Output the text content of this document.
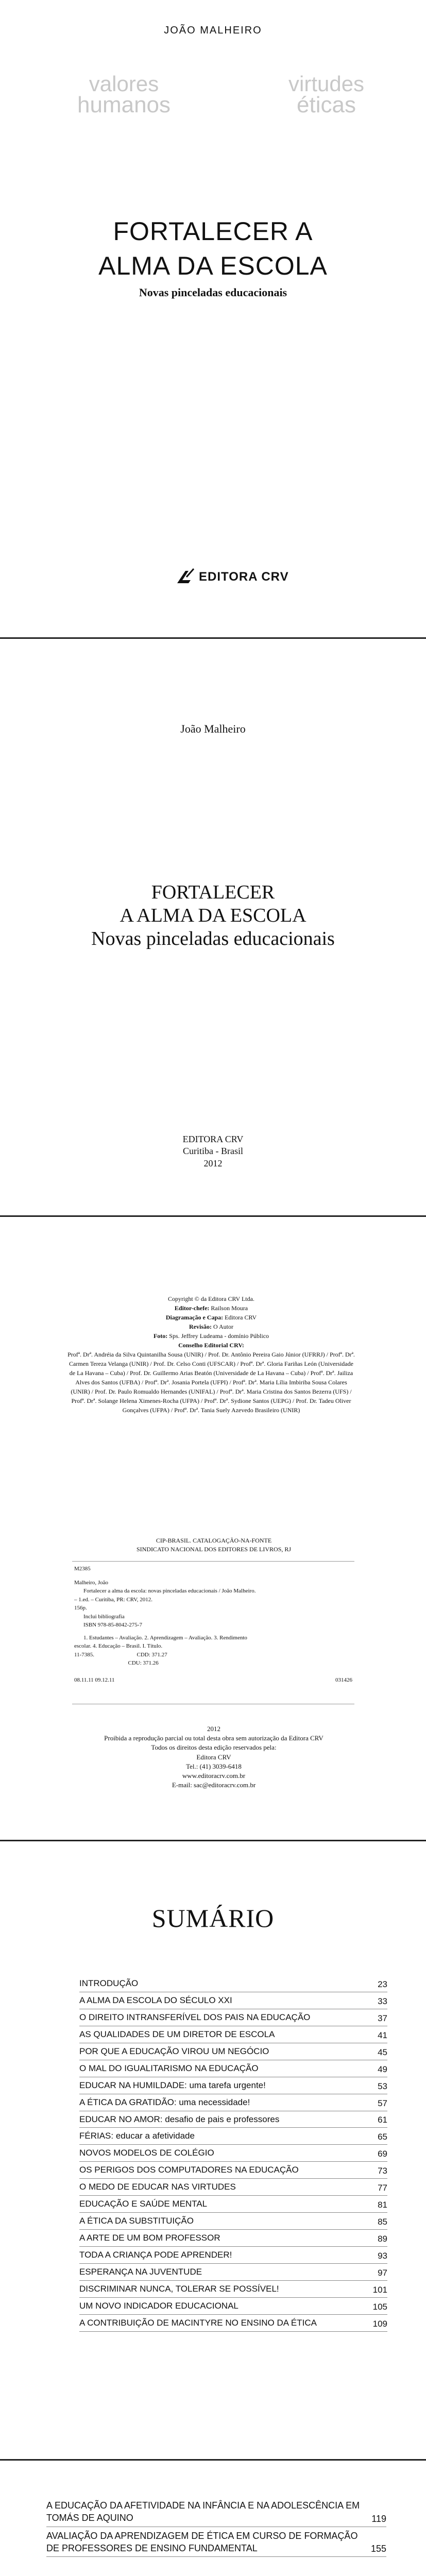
JOÃO MALHEIRO
valores
humanos
virtudes
éticas
FORTALECER A
ALMA DA ESCOLA
Novas pinceladas educacionais
EDITORA CRV
João Malheiro
FORTALECER
A ALMA DA ESCOLA
Novas pinceladas educacionais
EDITORA CRV
Curitiba - Brasil
2012
Copyright © da Editora CRV Ltda.
Editor-chefe: Railson Moura
Diagramação e Capa: Editora CRV
Revisão: O Autor
Foto: Sps. Jeffrey Ludeama - domínio Público
Conselho Editorial CRV:
Profª. Drª. Andréia da Silva Quintanilha Sousa (UNIR) / Prof. Dr. Antônio Pereira Gaio Júnior (UFRRJ) / Profª. Drª. Carmen Tereza Velanga (UNIR) / Prof. Dr. Celso Conti (UFSCAR) / Profª. Drª. Gloria Fariñas León (Universidade de La Havana – Cuba) / Prof. Dr. Guillermo Arias Beatón (Universidade de La Havana – Cuba) / Profª. Drª. Jailiza Alves dos Santos (UFBA) / Profª. Drª. Josania Portela (UFPI) / Profª. Drª. Maria Lília Imbiriba Sousa Colares (UNIR) / Prof. Dr. Paulo Romualdo Hernandes (UNIFAL) / Profª. Drª. Maria Cristina dos Santos Bezerra (UFS) / Profª. Drª. Solange Helena Ximenes-Rocha (UFPA) / Profª. Drª. Sydione Santos (UEPG) / Prof. Dr. Tadeu Oliver Gonçalves (UFPA) / Profª. Drª. Tania Suely Azevedo Brasileiro (UNIR)
CIP-BRASIL. CATALOGAÇÃO-NA-FONTE
SINDICATO NACIONAL DOS EDITORES DE LIVROS, RJ
M2385
Malheiro, João
Fortalecer a alma da escola: novas pinceladas educacionais / João Malheiro.
– 1.ed. – Curitiba, PR: CRV, 2012.
156p.
Inclui bibliografia
ISBN 978-85-8042-275-7
1. Estudantes – Avaliação. 2. Aprendizagem – Avaliação. 3. Rendimento
escolar. 4. Educação – Brasil. I. Título.
11-7385.                              CDD: 371.27
CDU: 371.26
08.11.11 09.12.11	031426
2012
Proibida a reprodução parcial ou total desta obra sem autorização da Editora CRV
Todos os direitos desta edição reservados pela:
Editora CRV
Tel.: (41) 3039-6418
www.editoracrv.com.br
E-mail: sac@editoracrv.com.br
SUMÁRIO
INTRODUÇÃO	23
A ALMA DA ESCOLA DO SÉCULO XXI	33
O DIREITO INTRANSFERÍVEL DOS PAIS NA EDUCAÇÃO	37
AS QUALIDADES DE UM DIRETOR DE ESCOLA	41
POR QUE A EDUCAÇÃO VIROU UM NEGÓCIO	45
O MAL DO IGUALITARISMO NA EDUCAÇÃO	49
EDUCAR NA HUMILDADE: uma tarefa urgente!	53
A ÉTICA DA GRATIDÃO: uma necessidade!	57
EDUCAR NO AMOR: desafio de pais e professores	61
FÉRIAS: educar a afetividade	65
NOVOS MODELOS DE COLÉGIO	69
OS PERIGOS DOS COMPUTADORES NA EDUCAÇÃO	73
O MEDO DE EDUCAR NAS VIRTUDES	77
EDUCAÇÃO E SAÚDE MENTAL	81
A ÉTICA DA SUBSTITUIÇÃO	85
A ARTE DE UM BOM PROFESSOR	89
TODA A CRIANÇA PODE APRENDER!	93
ESPERANÇA NA JUVENTUDE	97
DISCRIMINAR NUNCA, TOLERAR SE POSSÍVEL!	101
UM NOVO INDICADOR EDUCACIONAL	105
A CONTRIBUIÇÃO DE MACINTYRE NO ENSINO DA ÉTICA	109
A EDUCAÇÃO DA AFETIVIDADE NA INFÂNCIA E NA ADOLESCÊNCIA EM TOMÁS DE AQUINO	119
AVALIAÇÃO DA APRENDIZAGEM DE ÉTICA EM CURSO DE FORMAÇÃO DE PROFESSORES DE ENSINO FUNDAMENTAL	155
